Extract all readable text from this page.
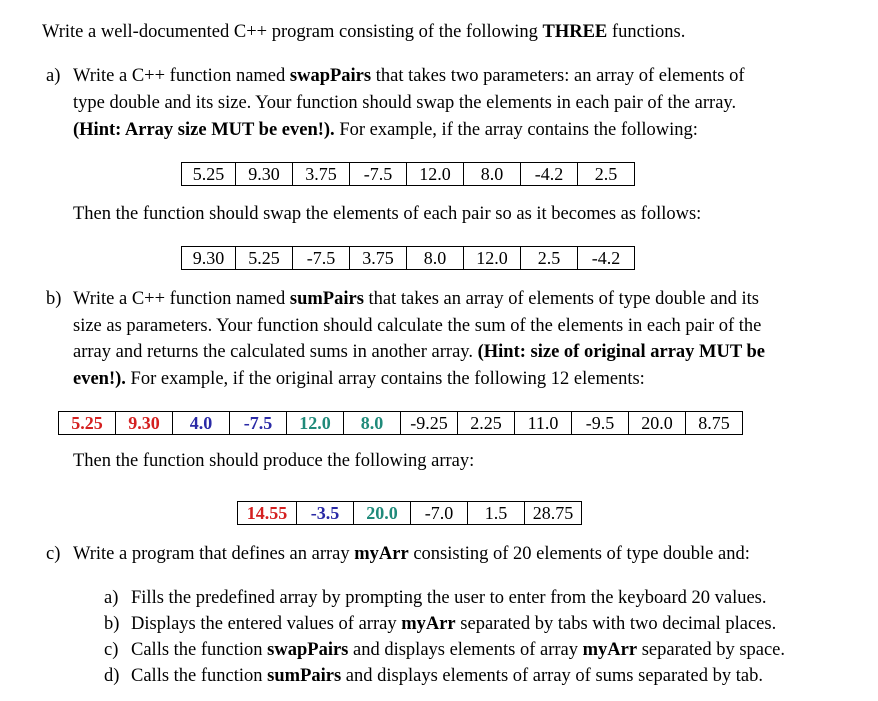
Write a well-documented C++ program consisting of the following THREE functions.
a) Write a C++ function named swapPairs that takes two parameters: an array of elements of
type double and its size. Your function should swap the elements in each pair of the array.
(Hint: Array size MUT be even!). For example, if the array contains the following:
5.25	9.30	3.75	-7.5	12.0	8.0	-4.2	2.5
Then the function should swap the elements of each pair so as it becomes as follows:
9.30	5.25	-7.5	3.75	8.0	12.0	2.5	-4.2
b) Write a C++ function named sumPairs that takes an array of elements of type double and its
size as parameters. Your function should calculate the sum of the elements in each pair of the
array and returns the calculated sums in another array. (Hint: size of original array MUT be
even!). For example, if the original array contains the following 12 elements:
5.25	9.30	4.0	-7.5	12.0	8.0	-9.25	2.25	11.0	-9.5	20.0	8.75
Then the function should produce the following array:
14.55	-3.5	20.0	-7.0	1.5	28.75
c) Write a program that defines an array myArr consisting of 20 elements of type double and:
a) Fills the predefined array by prompting the user to enter from the keyboard 20 values.
b) Displays the entered values of array myArr separated by tabs with two decimal places.
c) Calls the function swapPairs and displays elements of array myArr separated by space.
d) Calls the function sumPairs and displays elements of array of sums separated by tab.
